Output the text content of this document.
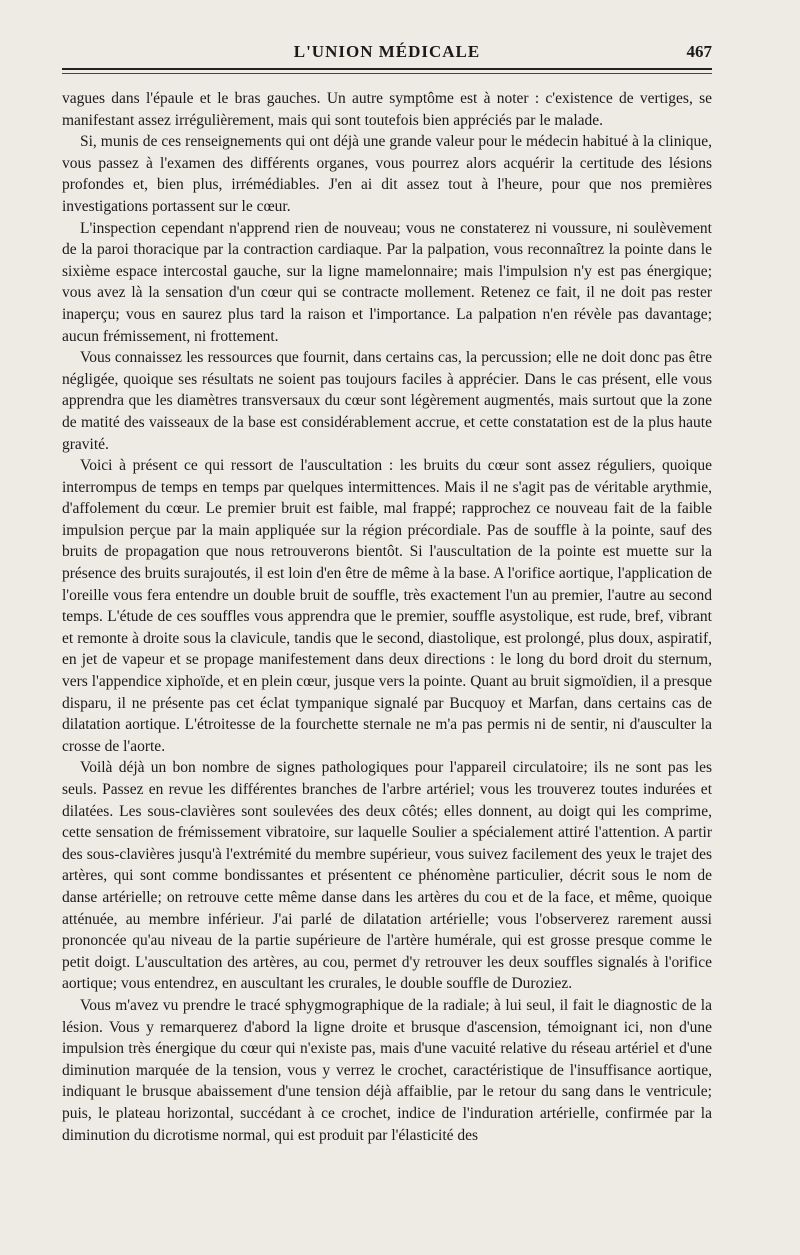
L'UNION MÉDICALE	467

vagues dans l'épaule et le bras gauches. Un autre symptôme est à noter : c'existence de vertiges, se manifestant assez irrégulièrement, mais qui sont toutefois bien appréciés par le malade.

Si, munis de ces renseignements qui ont déjà une grande valeur pour le médecin habitué à la clinique, vous passez à l'examen des différents organes, vous pourrez alors acquérir la certitude des lésions profondes et, bien plus, irrémédiables. J'en ai dit assez tout à l'heure, pour que nos premières investigations portassent sur le cœur.

L'inspection cependant n'apprend rien de nouveau; vous ne constaterez ni voussure, ni soulèvement de la paroi thoracique par la contraction cardiaque. Par la palpation, vous reconnaîtrez la pointe dans le sixième espace intercostal gauche, sur la ligne mamelonnaire; mais l'impulsion n'y est pas énergique; vous avez là la sensation d'un cœur qui se contracte mollement. Retenez ce fait, il ne doit pas rester inaperçu; vous en saurez plus tard la raison et l'importance. La palpation n'en révèle pas davantage; aucun frémissement, ni frottement.

Vous connaissez les ressources que fournit, dans certains cas, la percussion; elle ne doit donc pas être négligée, quoique ses résultats ne soient pas toujours faciles à apprécier. Dans le cas présent, elle vous apprendra que les diamètres transversaux du cœur sont légèrement augmentés, mais surtout que la zone de matité des vaisseaux de la base est considérablement accrue, et cette constatation est de la plus haute gravité.

Voici à présent ce qui ressort de l'auscultation : les bruits du cœur sont assez réguliers, quoique interrompus de temps en temps par quelques intermittences. Mais il ne s'agit pas de véritable arythmie, d'affolement du cœur. Le premier bruit est faible, mal frappé; rapprochez ce nouveau fait de la faible impulsion perçue par la main appliquée sur la région précordiale. Pas de souffle à la pointe, sauf des bruits de propagation que nous retrouverons bientôt. Si l'auscultation de la pointe est muette sur la présence des bruits surajoutés, il est loin d'en être de même à la base. A l'orifice aortique, l'application de l'oreille vous fera entendre un double bruit de souffle, très exactement l'un au premier, l'autre au second temps. L'étude de ces souffles vous apprendra que le premier, souffle asystolique, est rude, bref, vibrant et remonte à droite sous la clavicule, tandis que le second, diastolique, est prolongé, plus doux, aspiratif, en jet de vapeur et se propage manifestement dans deux directions : le long du bord droit du sternum, vers l'appendice xiphoïde, et en plein cœur, jusque vers la pointe. Quant au bruit sigmoïdien, il a presque disparu, il ne présente pas cet éclat tympanique signalé par Bucquoy et Marfan, dans certains cas de dilatation aortique. L'étroitesse de la fourchette sternale ne m'a pas permis ni de sentir, ni d'ausculter la crosse de l'aorte.

Voilà déjà un bon nombre de signes pathologiques pour l'appareil circulatoire; ils ne sont pas les seuls. Passez en revue les différentes branches de l'arbre artériel; vous les trouverez toutes indurées et dilatées. Les sous-clavières sont soulevées des deux côtés; elles donnent, au doigt qui les comprime, cette sensation de frémissement vibratoire, sur laquelle Soulier a spécialement attiré l'attention. A partir des sous-clavières jusqu'à l'extrémité du membre supérieur, vous suivez facilement des yeux le trajet des artères, qui sont comme bondissantes et présentent ce phénomène particulier, décrit sous le nom de danse artérielle; on retrouve cette même danse dans les artères du cou et de la face, et même, quoique atténuée, au membre inférieur. J'ai parlé de dilatation artérielle; vous l'observerez rarement aussi prononcée qu'au niveau de la partie supérieure de l'artère humérale, qui est grosse presque comme le petit doigt. L'auscultation des artères, au cou, permet d'y retrouver les deux souffles signalés à l'orifice aortique; vous entendrez, en auscultant les crurales, le double souffle de Duroziez.

Vous m'avez vu prendre le tracé sphygmographique de la radiale; à lui seul, il fait le diagnostic de la lésion. Vous y remarquerez d'abord la ligne droite et brusque d'ascension, témoignant ici, non d'une impulsion très énergique du cœur qui n'existe pas, mais d'une vacuité relative du réseau artériel et d'une diminution marquée de la tension, vous y verrez le crochet, caractéristique de l'insuffisance aortique, indiquant le brusque abaissement d'une tension déjà affaiblie, par le retour du sang dans le ventricule; puis, le plateau horizontal, succédant à ce crochet, indice de l'induration artérielle, confirmée par la diminution du dicrotisme normal, qui est produit par l'élasticité des
